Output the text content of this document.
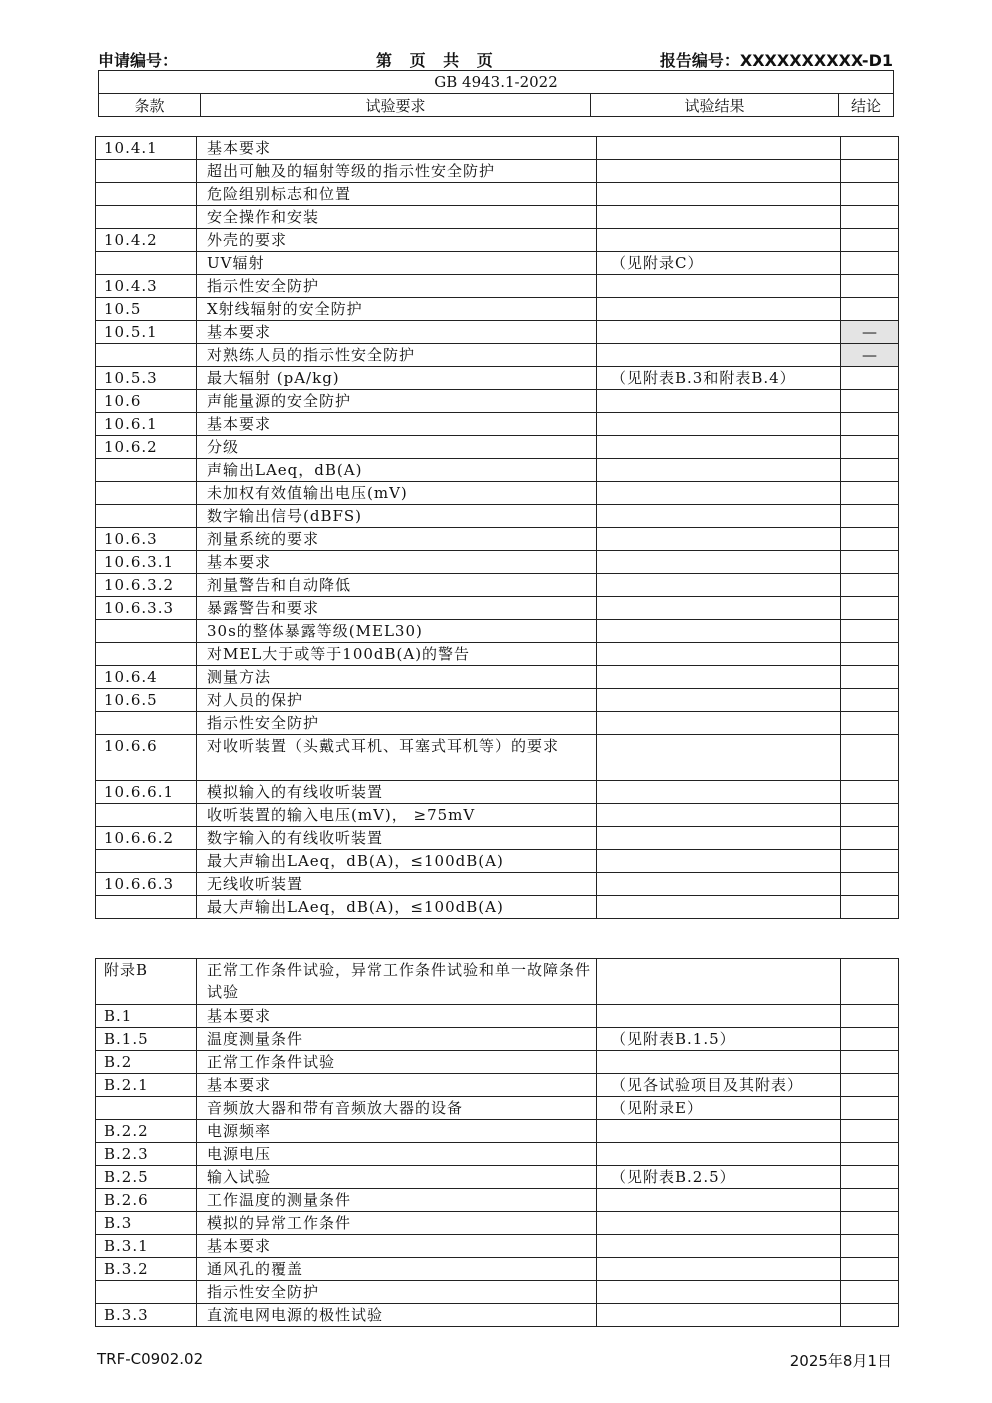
申请编号：	第 页 共 页	报告编号：XXXXXXXXXX-D1
GB 4943.1-2022
条款	试验要求	试验结果	结论
10.4.1	基本要求		
	超出可触及的辐射等级的指示性安全防护		
	危险组别标志和位置		
	安全操作和安装		
10.4.2	外壳的要求		
	UV辐射	（见附录C）	
10.4.3	指示性安全防护		
10.5	X射线辐射的安全防护		
10.5.1	基本要求		—
	对熟练人员的指示性安全防护		—
10.5.3	最大辐射 (pA/kg)	（见附表B.3和附表B.4）	
10.6	声能量源的安全防护		
10.6.1	基本要求		
10.6.2	分级		
	声输出LAeq，dB(A)		
	未加权有效值输出电压(mV)		
	数字输出信号(dBFS)		
10.6.3	剂量系统的要求		
10.6.3.1	基本要求		
10.6.3.2	剂量警告和自动降低		
10.6.3.3	暴露警告和要求		
	30s的整体暴露等级(MEL30)		
	对MEL大于或等于100dB(A)的警告		
10.6.4	测量方法		
10.6.5	对人员的保护		
	指示性安全防护		
10.6.6	对收听装置（头戴式耳机、耳塞式耳机等）的要求		
10.6.6.1	模拟输入的有线收听装置		
	收听装置的输入电压(mV)， ≥75mV		
10.6.6.2	数字输入的有线收听装置		
	最大声输出LAeq，dB(A)，≤100dB(A)		
10.6.6.3	无线收听装置		
	最大声输出LAeq，dB(A)，≤100dB(A)		
附录B	正常工作条件试验，异常工作条件试验和单一故障条件试验		
B.1	基本要求		
B.1.5	温度测量条件	（见附表B.1.5）	
B.2	正常工作条件试验		
B.2.1	基本要求	（见各试验项目及其附表）	
	音频放大器和带有音频放大器的设备	（见附录E）	
B.2.2	电源频率		
B.2.3	电源电压		
B.2.5	输入试验	（见附表B.2.5）	
B.2.6	工作温度的测量条件		
B.3	模拟的异常工作条件		
B.3.1	基本要求		
B.3.2	通风孔的覆盖		
	指示性安全防护		
B.3.3	直流电网电源的极性试验		
TRF-C0902.02	2025年8月1日
